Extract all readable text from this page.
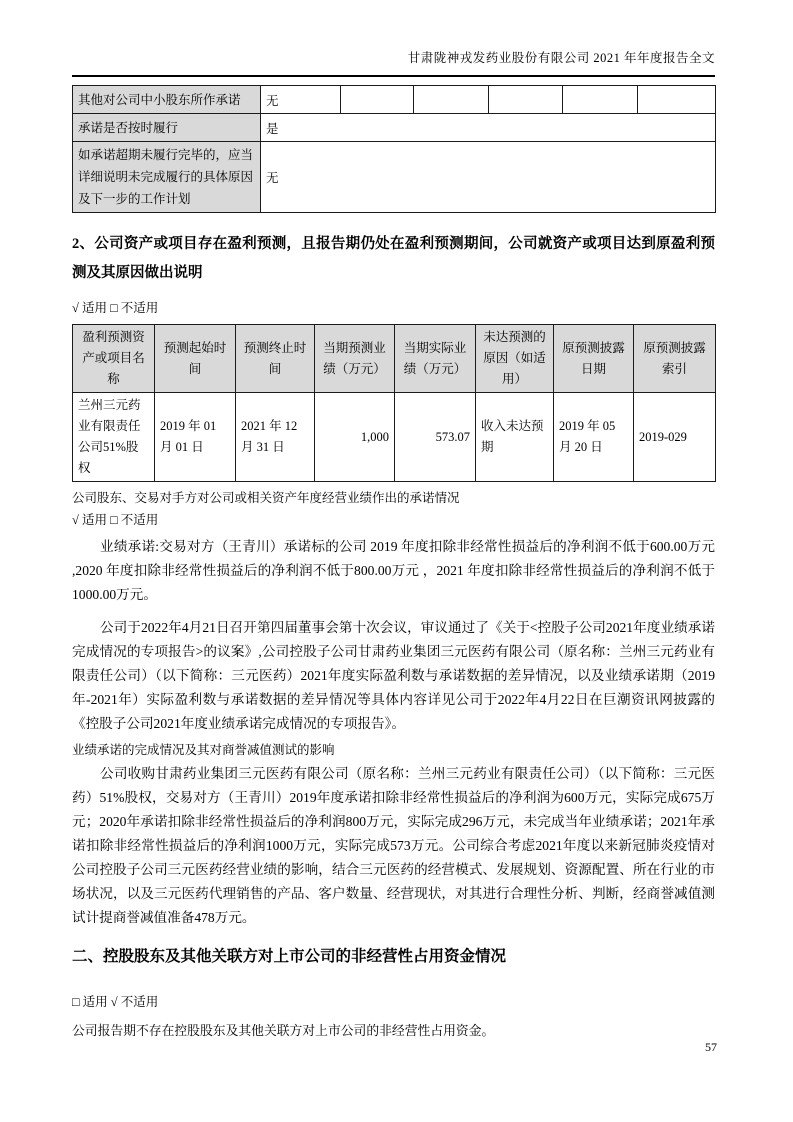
甘肃陇神戎发药业股份有限公司 2021 年年度报告全文
其他对公司中小股东所作承诺	无					
承诺是否按时履行	是					
如承诺超期未履行完毕的，应当详细说明未完成履行的具体原因及下一步的工作计划	无					
2、公司资产或项目存在盈利预测，且报告期仍处在盈利预测期间，公司就资产或项目达到原盈利预测及其原因做出说明
√ 适用 □ 不适用
盈利预测资产或项目名称	预测起始时间	预测终止时间	当期预测业绩（万元）	当期实际业绩（万元）	未达预测的原因（如适用）	原预测披露日期	原预测披露索引
兰州三元药业有限责任公司51%股权	2019 年 01 月 01 日	2021 年 12 月 31 日	1,000	573.07	收入未达预期	2019 年 05 月 20 日	2019-029
公司股东、交易对手方对公司或相关资产年度经营业绩作出的承诺情况
√ 适用 □ 不适用

业绩承诺:交易对方（王青川）承诺标的公司 2019 年度扣除非经常性损益后的净利润不低于600.00万元 ,2020 年度扣除非经常性损益后的净利润不低于800.00万元 ，2021 年度扣除非经常性损益后的净利润不低于1000.00万元。

公司于2022年4月21日召开第四届董事会第十次会议，审议通过了《关于<控股子公司2021年度业绩承诺完成情况的专项报告>的议案》,公司控股子公司甘肃药业集团三元医药有限公司（原名称：兰州三元药业有限责任公司）（以下简称：三元医药）2021年度实际盈利数与承诺数据的差异情况，以及业绩承诺期（2019年-2021年）实际盈利数与承诺数据的差异情况等具体内容详见公司于2022年4月22日在巨潮资讯网披露的《控股子公司2021年度业绩承诺完成情况的专项报告》。

业绩承诺的完成情况及其对商誉减值测试的影响

公司收购甘肃药业集团三元医药有限公司（原名称：兰州三元药业有限责任公司）（以下简称：三元医药）51%股权，交易对方（王青川）2019年度承诺扣除非经常性损益后的净利润为600万元，实际完成675万元；2020年承诺扣除非经常性损益后的净利润800万元，实际完成296万元，未完成当年业绩承诺；2021年承诺扣除非经常性损益后的净利润1000万元，实际完成573万元。公司综合考虑2021年度以来新冠肺炎疫情对公司控股子公司三元医药经营业绩的影响，结合三元医药的经营模式、发展规划、资源配置、所在行业的市场状况，以及三元医药代理销售的产品、客户数量、经营现状，对其进行合理性分析、判断，经商誉减值测试计提商誉减值准备478万元。

二、控股股东及其他关联方对上市公司的非经营性占用资金情况
□ 适用 √ 不适用
公司报告期不存在控股股东及其他关联方对上市公司的非经营性占用资金。
57
